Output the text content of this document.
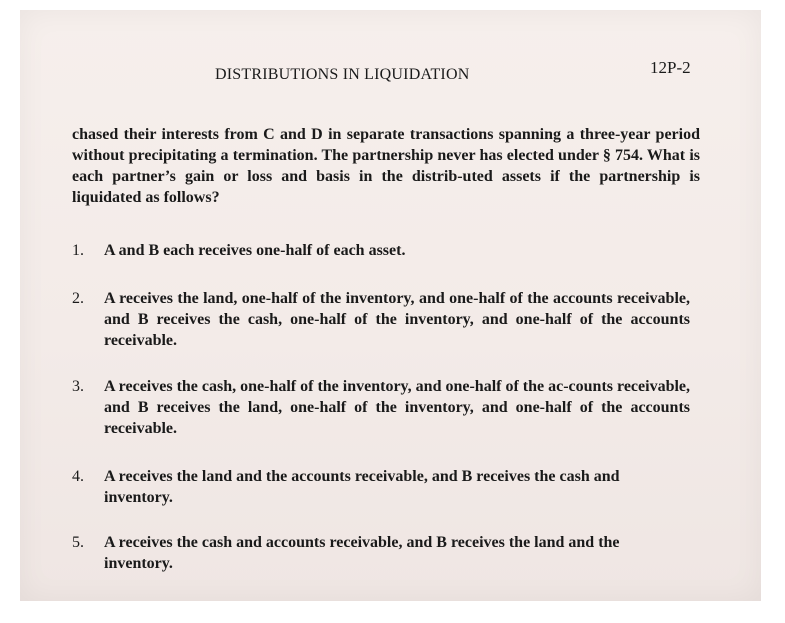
DISTRIBUTIONS IN LIQUIDATION	12P-2
chased their interests from C and D in separate transactions spanning a three-year period without precipitating a termination. The partnership never has elected under § 754. What is each partner’s gain or loss and basis in the distrib-uted assets if the partnership is liquidated as follows?
1. A and B each receives one-half of each asset.
2. A receives the land, one-half of the inventory, and one-half of the accounts receivable, and B receives the cash, one-half of the inventory, and one-half of the accounts receivable.
3. A receives the cash, one-half of the inventory, and one-half of the ac-counts receivable, and B receives the land, one-half of the inventory, and one-half of the accounts receivable.
4. A receives the land and the accounts receivable, and B receives the cash and inventory.
5. A receives the cash and accounts receivable, and B receives the land and the inventory.
